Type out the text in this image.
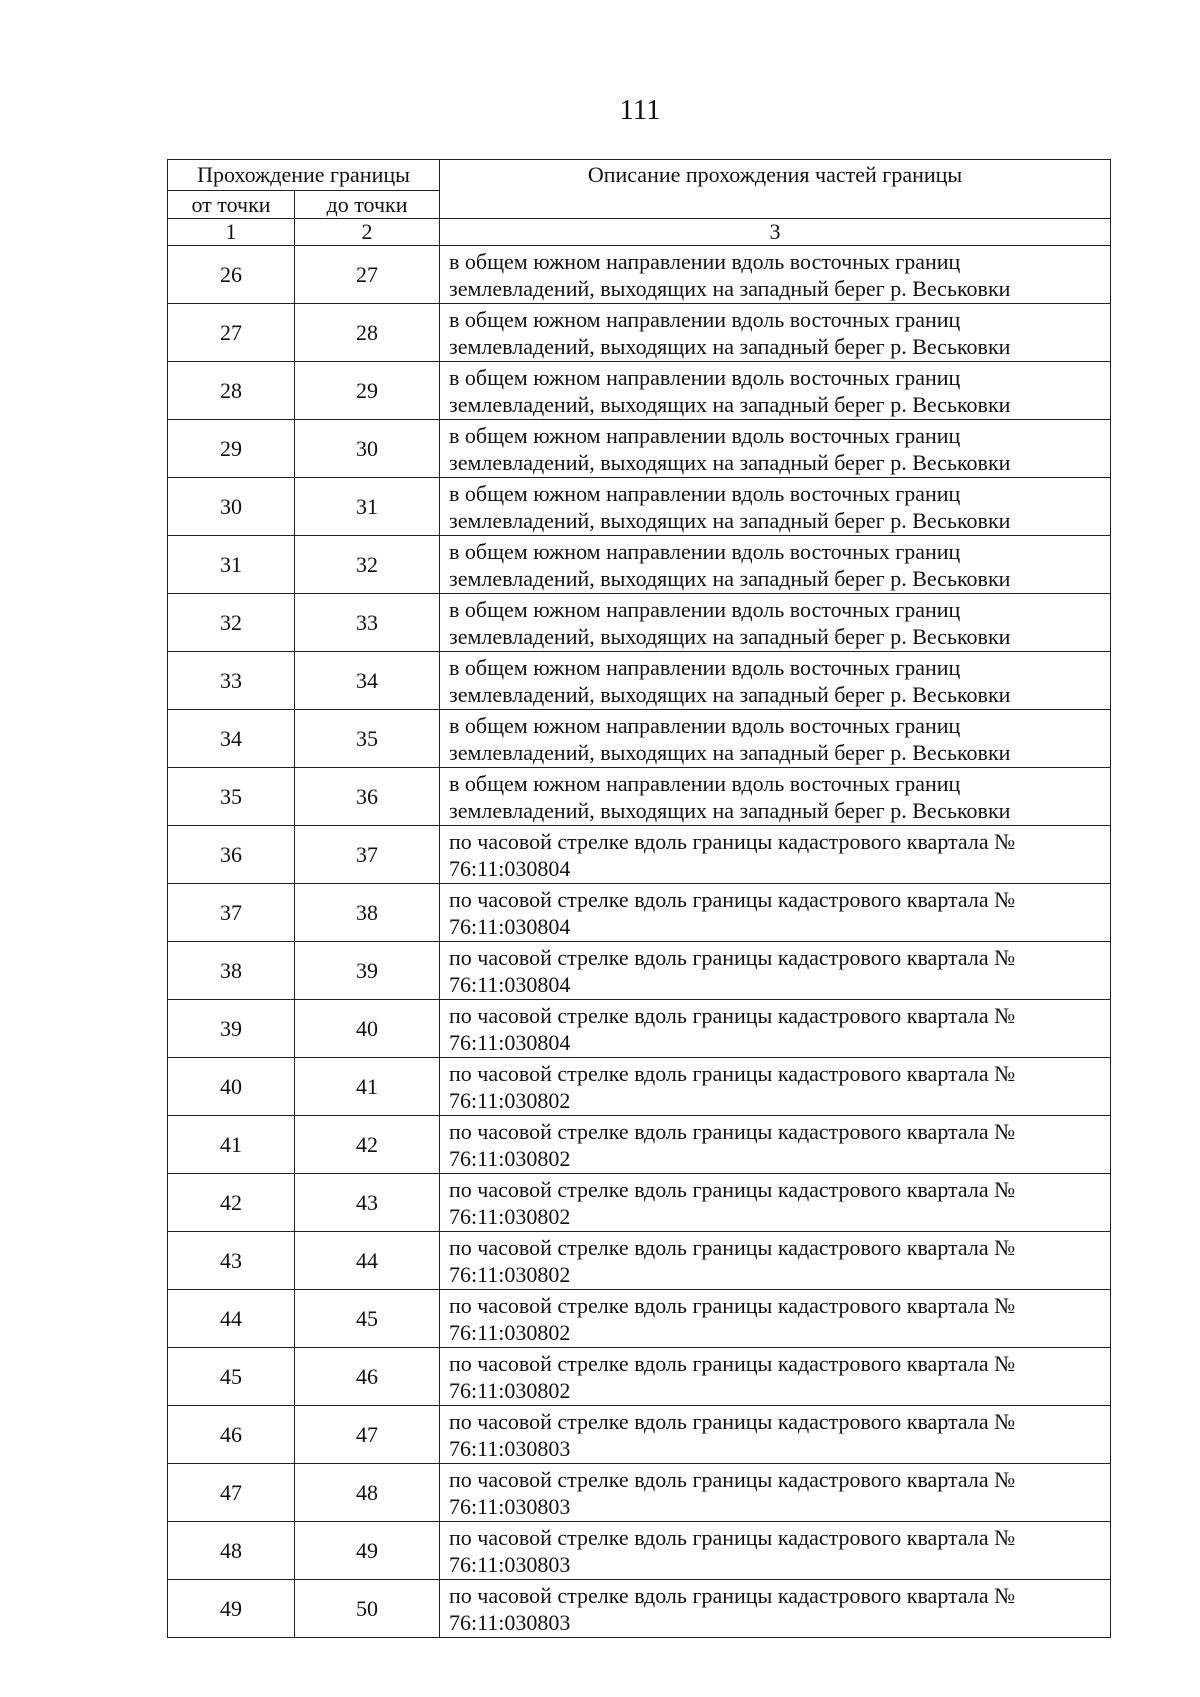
111
Прохождение границы		Описание прохождения частей границы
от точки	до точки	
1	2	3
26	27	в общем южном направлении вдоль восточных границ
землевладений, выходящих на западный берег р. Веськовки
27	28	в общем южном направлении вдоль восточных границ
землевладений, выходящих на западный берег р. Веськовки
28	29	в общем южном направлении вдоль восточных границ
землевладений, выходящих на западный берег р. Веськовки
29	30	в общем южном направлении вдоль восточных границ
землевладений, выходящих на западный берег р. Веськовки
30	31	в общем южном направлении вдоль восточных границ
землевладений, выходящих на западный берег р. Веськовки
31	32	в общем южном направлении вдоль восточных границ
землевладений, выходящих на западный берег р. Веськовки
32	33	в общем южном направлении вдоль восточных границ
землевладений, выходящих на западный берег р. Веськовки
33	34	в общем южном направлении вдоль восточных границ
землевладений, выходящих на западный берег р. Веськовки
34	35	в общем южном направлении вдоль восточных границ
землевладений, выходящих на западный берег р. Веськовки
35	36	в общем южном направлении вдоль восточных границ
землевладений, выходящих на западный берег р. Веськовки
36	37	по часовой стрелке вдоль границы кадастрового квартала №
76:11:030804
37	38	по часовой стрелке вдоль границы кадастрового квартала №
76:11:030804
38	39	по часовой стрелке вдоль границы кадастрового квартала №
76:11:030804
39	40	по часовой стрелке вдоль границы кадастрового квартала №
76:11:030804
40	41	по часовой стрелке вдоль границы кадастрового квартала №
76:11:030802
41	42	по часовой стрелке вдоль границы кадастрового квартала №
76:11:030802
42	43	по часовой стрелке вдоль границы кадастрового квартала №
76:11:030802
43	44	по часовой стрелке вдоль границы кадастрового квартала №
76:11:030802
44	45	по часовой стрелке вдоль границы кадастрового квартала №
76:11:030802
45	46	по часовой стрелке вдоль границы кадастрового квартала №
76:11:030802
46	47	по часовой стрелке вдоль границы кадастрового квартала №
76:11:030803
47	48	по часовой стрелке вдоль границы кадастрового квартала №
76:11:030803
48	49	по часовой стрелке вдоль границы кадастрового квартала №
76:11:030803
49	50	по часовой стрелке вдоль границы кадастрового квартала №
76:11:030803
